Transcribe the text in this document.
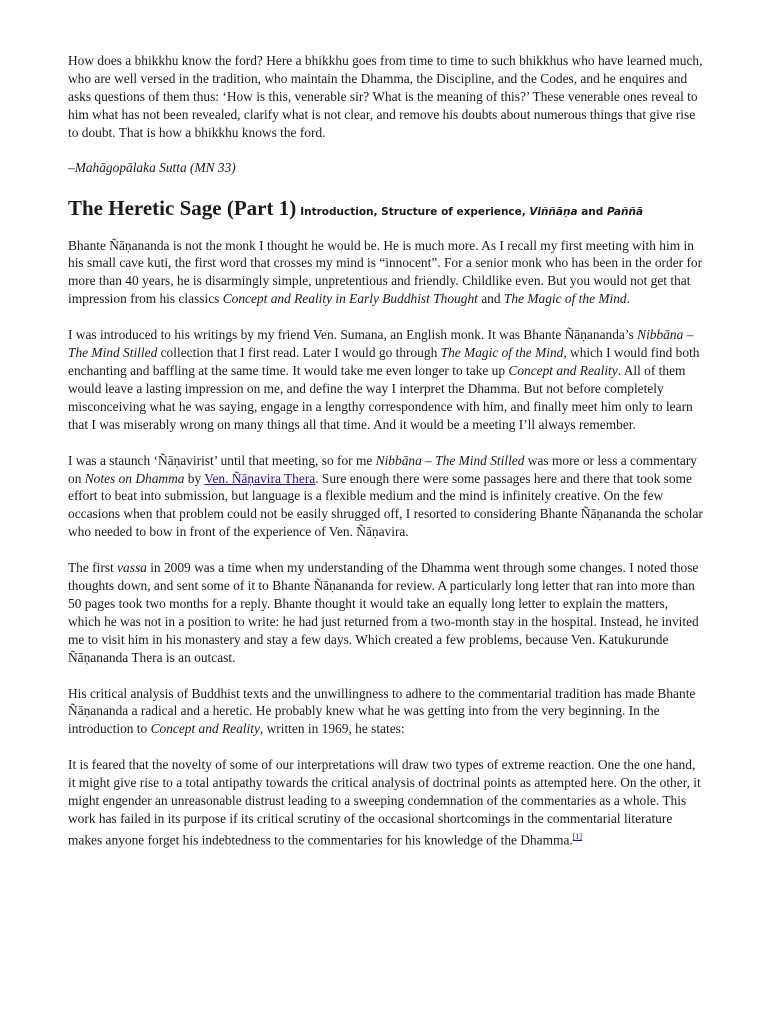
How does a bhikkhu know the ford? Here a bhikkhu goes from time to time to such bhikkhus who have learned much, who are well versed in the tradition, who maintain the Dhamma, the Discipline, and the Codes, and he enquires and asks questions of them thus: ‘How is this, venerable sir? What is the meaning of this?’ These venerable ones reveal to him what has not been revealed, clarify what is not clear, and remove his doubts about numerous things that give rise to doubt. That is how a bhikkhu knows the ford.

–Mahāgopālaka Sutta (MN 33)

The Heretic Sage (Part 1) Introduction, Structure of experience, Viññāṇa and Paññā

Bhante Ñāṇananda is not the monk I thought he would be. He is much more. As I recall my first meeting with him in his small cave kuti, the first word that crosses my mind is “innocent”. For a senior monk who has been in the order for more than 40 years, he is disarmingly simple, unpretentious and friendly. Childlike even. But you would not get that impression from his classics Concept and Reality in Early Buddhist Thought and The Magic of the Mind.

I was introduced to his writings by my friend Ven. Sumana, an English monk. It was Bhante Ñāṇananda’s Nibbāna – The Mind Stilled collection that I first read. Later I would go through The Magic of the Mind, which I would find both enchanting and baffling at the same time. It would take me even longer to take up Concept and Reality. All of them would leave a lasting impression on me, and define the way I interpret the Dhamma. But not before completely misconceiving what he was saying, engage in a lengthy correspondence with him, and finally meet him only to learn that I was miserably wrong on many things all that time. And it would be a meeting I’ll always remember.

I was a staunch ‘Ñāṇavirist’ until that meeting, so for me Nibbāna – The Mind Stilled was more or less a commentary on Notes on Dhamma by Ven. Ñāṇavira Thera. Sure enough there were some passages here and there that took some effort to beat into submission, but language is a flexible medium and the mind is infinitely creative. On the few occasions when that problem could not be easily shrugged off, I resorted to considering Bhante Ñāṇananda the scholar who needed to bow in front of the experience of Ven. Ñāṇavira.

The first vassa in 2009 was a time when my understanding of the Dhamma went through some changes. I noted those thoughts down, and sent some of it to Bhante Ñāṇananda for review. A particularly long letter that ran into more than 50 pages took two months for a reply. Bhante thought it would take an equally long letter to explain the matters, which he was not in a position to write: he had just returned from a two-month stay in the hospital. Instead, he invited me to visit him in his monastery and stay a few days. Which created a few problems, because Ven. Katukurunde Ñāṇananda Thera is an outcast.

His critical analysis of Buddhist texts and the unwillingness to adhere to the commentarial tradition has made Bhante Ñāṇananda a radical and a heretic. He probably knew what he was getting into from the very beginning. In the introduction to Concept and Reality, written in 1969, he states:

It is feared that the novelty of some of our interpretations will draw two types of extreme reaction. One the one hand, it might give rise to a total antipathy towards the critical analysis of doctrinal points as attempted here. On the other, it might engender an unreasonable distrust leading to a sweeping condemnation of the commentaries as a whole. This work has failed in its purpose if its critical scrutiny of the occasional shortcomings in the commentarial literature makes anyone forget his indebtedness to the commentaries for his knowledge of the Dhamma.[1]
